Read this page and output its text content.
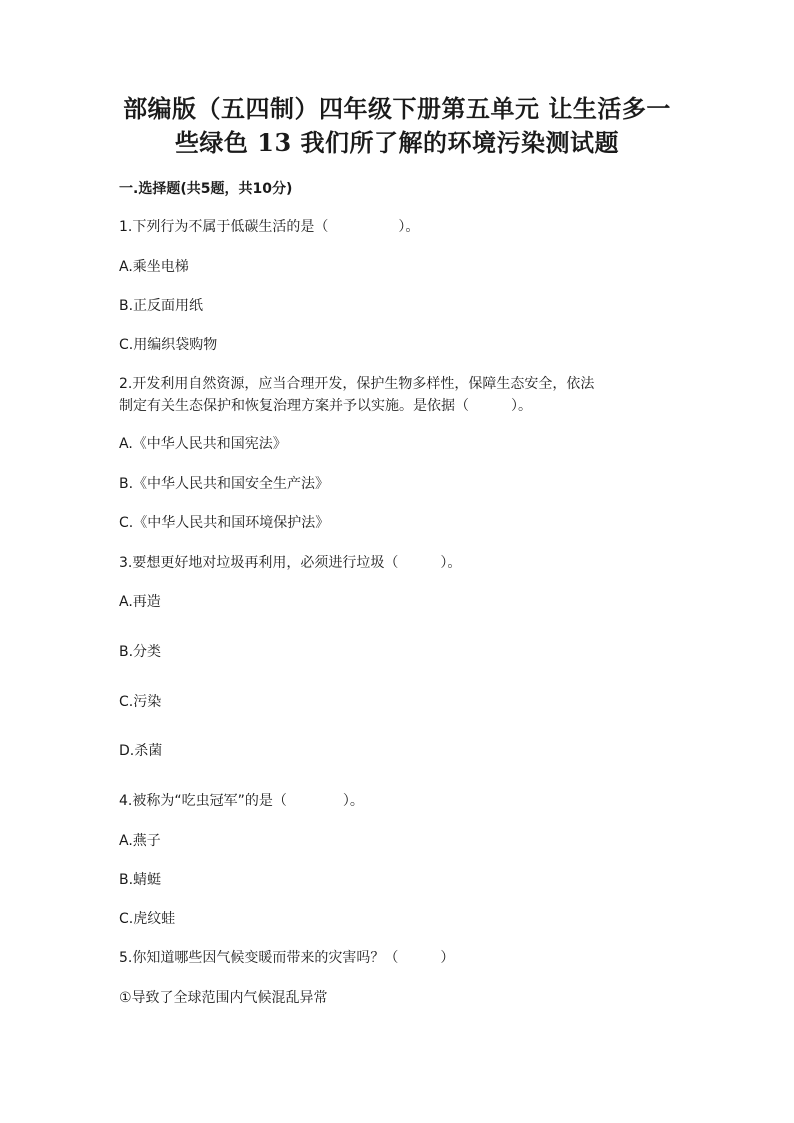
部编版（五四制）四年级下册第五单元 让生活多一
些绿色 13 我们所了解的环境污染测试题
一.选择题(共5题，共10分)
1.下列行为不属于低碳生活的是（　　　　　）。
A.乘坐电梯
B.正反面用纸
C.用编织袋购物
2.开发利用自然资源，应当合理开发，保护生物多样性，保障生态安全，依法
制定有关生态保护和恢复治理方案并予以实施。是依据（　　　）。
A.《中华人民共和国宪法》
B.《中华人民共和国安全生产法》
C.《中华人民共和国环境保护法》
3.要想更好地对垃圾再利用，必须进行垃圾（　　　）。
A.再造
B.分类
C.污染
D.杀菌
4.被称为“吃虫冠军”的是（　　　　）。
A.燕子
B.蜻蜓
C.虎纹蛙
5.你知道哪些因气候变暖而带来的灾害吗？（　　　）
①导致了全球范围内气候混乱异常
